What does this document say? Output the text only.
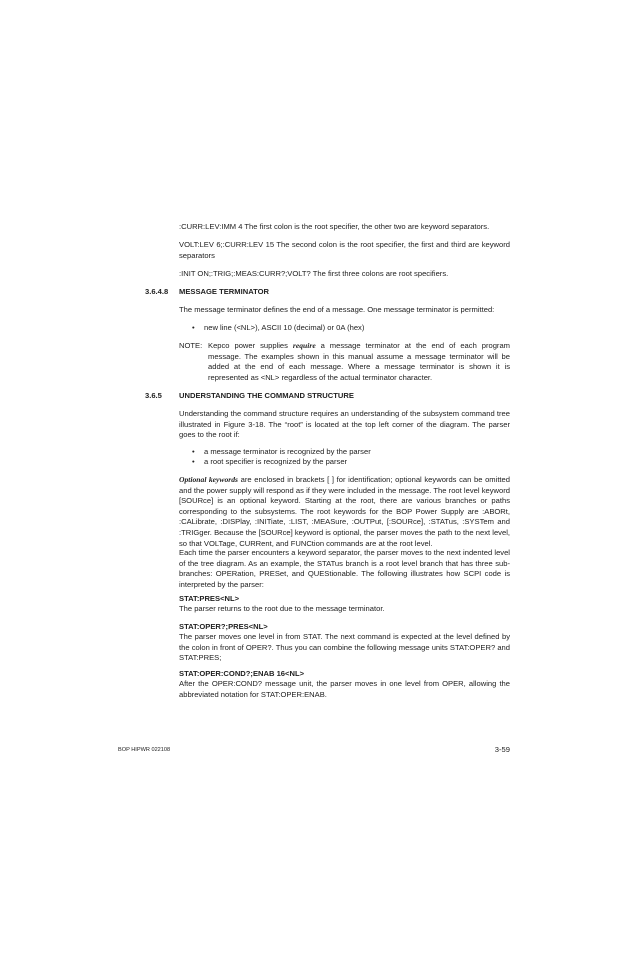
:CURR:LEV:IMM 4 The first colon is the root specifier, the other two are keyword separators.
VOLT:LEV 6;:CURR:LEV 15 The second colon is the root specifier, the first and third are keyword separators
:INIT ON;:TRIG;:MEAS:CURR?;VOLT? The first three colons are root specifiers.
3.6.4.8 MESSAGE TERMINATOR
The message terminator defines the end of a message. One message terminator is permitted:
• new line (<NL>), ASCII 10 (decimal) or 0A (hex)
NOTE: Kepco power supplies require a message terminator at the end of each program message. The examples shown in this manual assume a message terminator will be added at the end of each message. Where a message terminator is shown it is represented as <NL> regardless of the actual terminator character.
3.6.5 UNDERSTANDING THE COMMAND STRUCTURE
Understanding the command structure requires an understanding of the subsystem command tree illustrated in Figure 3-18. The “root” is located at the top left corner of the diagram. The parser goes to the root if:
• a message terminator is recognized by the parser
• a root specifier is recognized by the parser
Optional keywords are enclosed in brackets [ ] for identification; optional keywords can be omitted and the power supply will respond as if they were included in the message. The root level keyword [SOURce] is an optional keyword. Starting at the root, there are various branches or paths corresponding to the subsystems. The root keywords for the BOP Power Supply are :ABORt, :CALibrate, :DISPlay, :INITiate, :LIST, :MEASure, :OUTPut, [:SOURce], :STATus, :SYSTem and :TRIGger. Because the [SOURce] keyword is optional, the parser moves the path to the next level, so that VOLTage, CURRent, and FUNCtion commands are at the root level.
Each time the parser encounters a keyword separator, the parser moves to the next indented level of the tree diagram. As an example, the STATus branch is a root level branch that has three sub-branches: OPERation, PRESet, and QUEStionable. The following illustrates how SCPI code is interpreted by the parser:
STAT:PRES<NL>
The parser returns to the root due to the message terminator.
STAT:OPER?;PRES<NL>
The parser moves one level in from STAT. The next command is expected at the level defined by the colon in front of OPER?. Thus you can combine the following message units STAT:OPER? and STAT:PRES;
STAT:OPER:COND?;ENAB 16<NL>
After the OPER:COND? message unit, the parser moves in one level from OPER, allowing the abbreviated notation for STAT:OPER:ENAB.
BOP HIPWR 022108	3-59
